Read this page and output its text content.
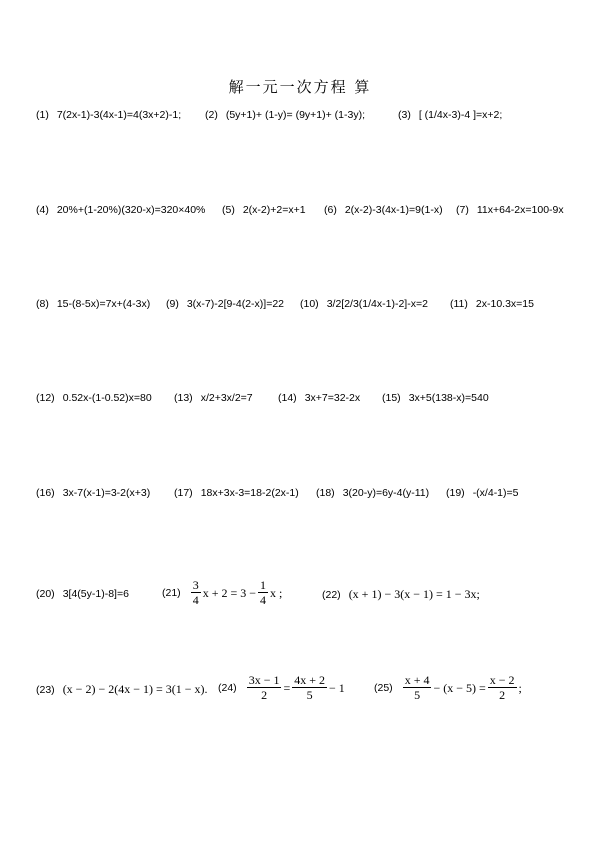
解一元一次方程 算
(1) 7(2x-1)-3(4x-1)=4(3x+2)-1; (2) (5y+1)+ (1-y)= (9y+1)+ (1-3y);	(3) [ (1/4x-3)-4 ]=x+2;
(4) 20%+(1-20%)(320-x)=320×40% (5) 2(x-2)+2=x+1 (6) 2(x-2)-3(4x-1)=9(1-x) (7) 11x+64-2x=100-9x
(8) 15-(8-5x)=7x+(4-3x) (9) 3(x-7)-2[9-4(2-x)]=22 (10) 3/2[2/3(1/4x-1)-2]-x=2 (11) 2x-10.3x=15
(12) 0.52x-(1-0.52)x=80 (13) x/2+3x/2=7 (14) 3x+7=32-2x (15) 3x+5(138-x)=540
(16) 3x-7(x-1)=3-2(x+3) (17) 18x+3x-3=18-2(2x-1) (18) 3(20-y)=6y-4(y-11) (19) -(x/4-1)=5
(20) 3[4(5y-1)-8]=6	$(21) \frac{3}{4}$ $x + 2 = 3 - \frac{1}{4}$ x ;	(22) (x + 1) − 3(x − 1) = 1 − 3x;
(23) (x − 2) − 2(4x − 1) = 3(1 − x). $(24) \frac{3x - 1}{2} = \frac{4x + 2}{5} - 1$	$(25) \frac{x + 4}{5} - (x - 5) = \frac{x - 2}{2}$ ;
